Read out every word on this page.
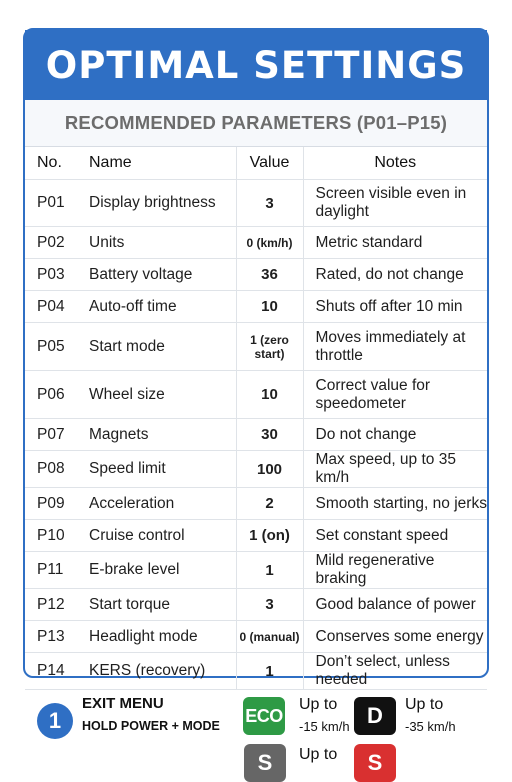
OPTIMAL SETTINGS
RECOMMENDED PARAMETERS (P01–P15)
No.	Name	Value	Notes
P01	Display brightness	3	Screen visible even in daylight
P02	Units	0 (km/h)	Metric standard
P03	Battery voltage	36	Rated, do not change
P04	Auto-off time	10	Shuts off after 10 min
P05	Start mode	1 (zero start)	Moves immediately at throttle
P06	Wheel size	10	Correct value for speedometer
P07	Magnets	30	Do not change
P08	Speed limit	100	Max speed, up to 35 km/h
P09	Acceleration	2	Smooth starting, no jerks
P10	Cruise control	1 (on)	Set constant speed
P11	E-brake level	1	Mild regenerative braking
P12	Start torque	3	Good balance of power
P13	Headlight mode	0 (manual)	Conserves some energy
P14	KERS (recovery)	1	Don’t select, unless needed
1
EXIT MENU
HOLD POWER + MODE
ECO
Up to
-15 km/h D	Up to
-35 km/h
S	Up to	S
